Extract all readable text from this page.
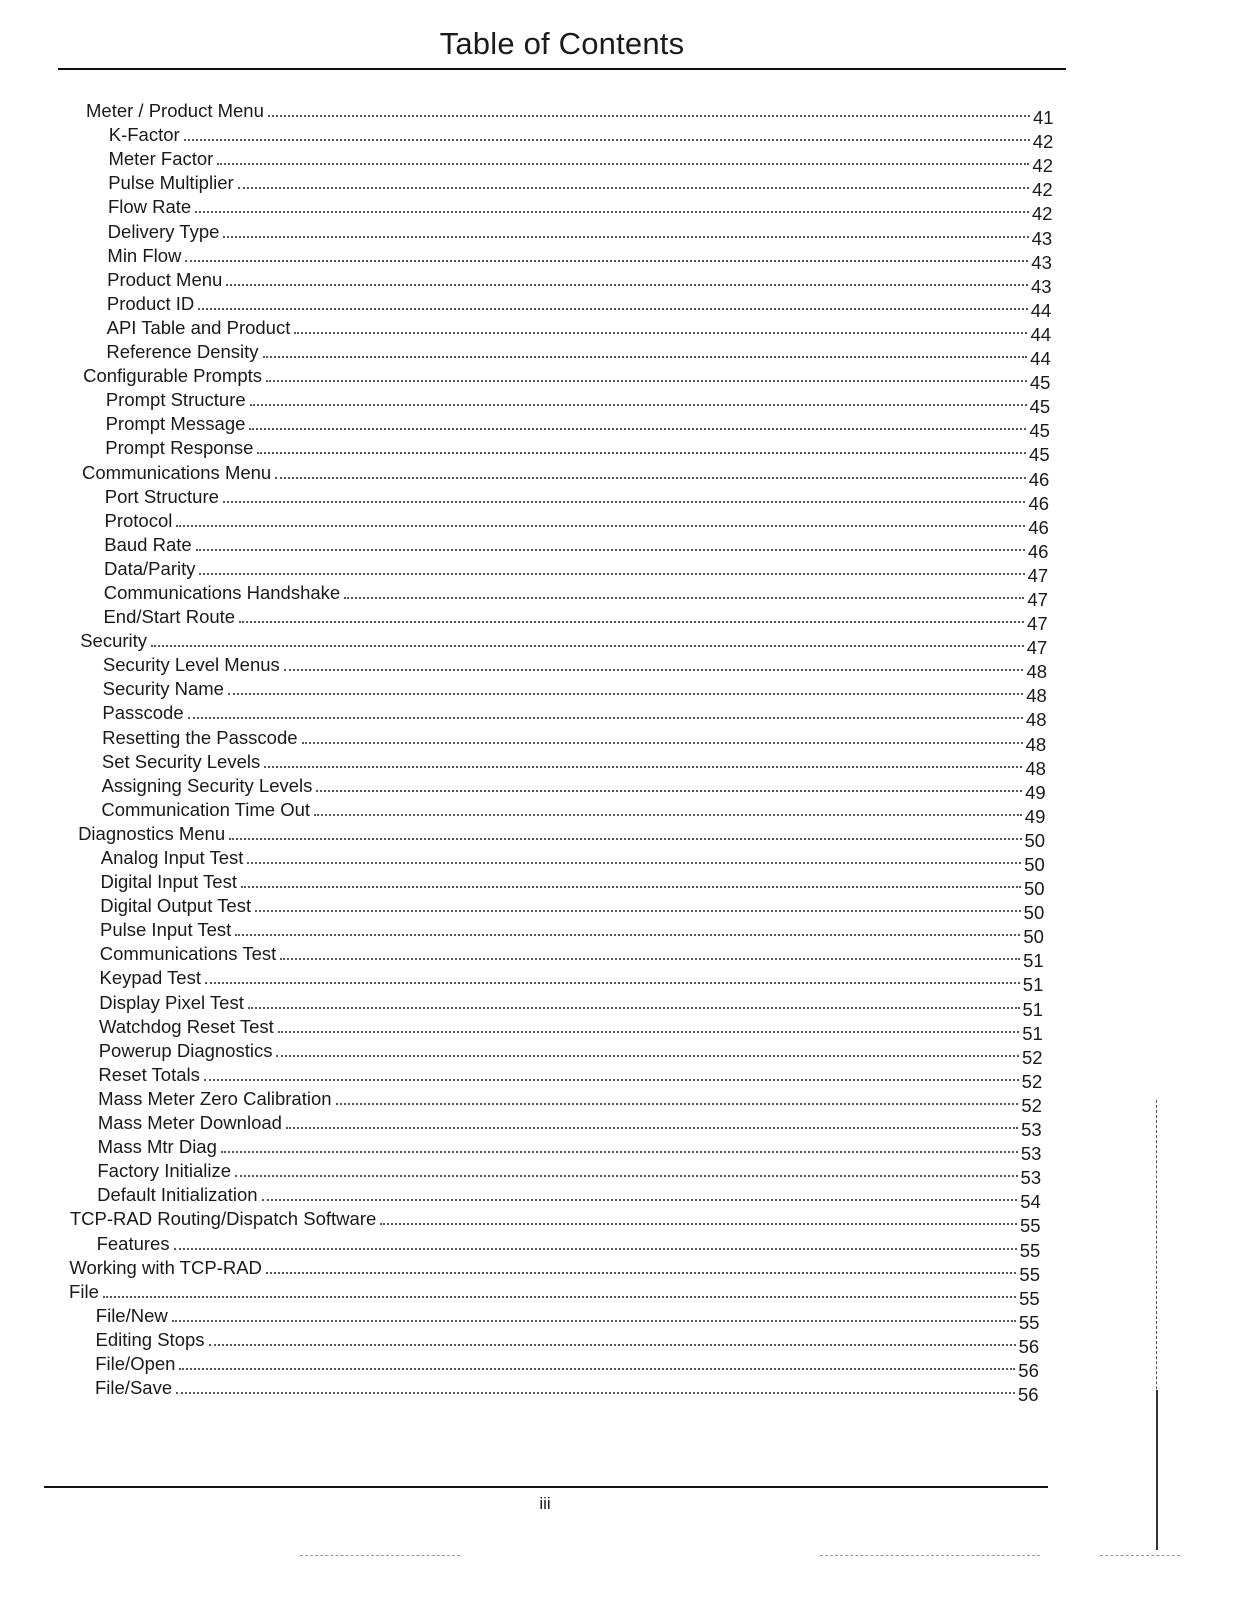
Table of Contents
Meter / Product Menu	41
K-Factor	42
Meter Factor	42
Pulse Multiplier	42
Flow Rate	42
Delivery Type	43
Min Flow	43
Product Menu	43
Product ID	44
API Table and Product	44
Reference Density	44
Configurable Prompts	45
Prompt Structure	45
Prompt Message	45
Prompt Response	45
Communications Menu	46
Port Structure	46
Protocol	46
Baud Rate	46
Data/Parity	47
Communications Handshake	47
End/Start Route	47
Security	47
Security Level Menus	48
Security Name	48
Passcode	48
Resetting the Passcode	48
Set Security Levels	48
Assigning Security Levels	49
Communication Time Out	49
Diagnostics Menu	50
Analog Input Test	50
Digital Input Test	50
Digital Output Test	50
Pulse Input Test	50
Communications Test	51
Keypad Test	51
Display Pixel Test	51
Watchdog Reset Test	51
Powerup Diagnostics	52
Reset Totals	52
Mass Meter Zero Calibration	52
Mass Meter Download	53
Mass Mtr Diag	53
Factory Initialize	53
Default Initialization	54
TCP-RAD Routing/Dispatch Software	55
Features	55
Working with TCP-RAD	55
File	55
File/New	55
Editing Stops	56
File/Open	56
File/Save	56
iii
